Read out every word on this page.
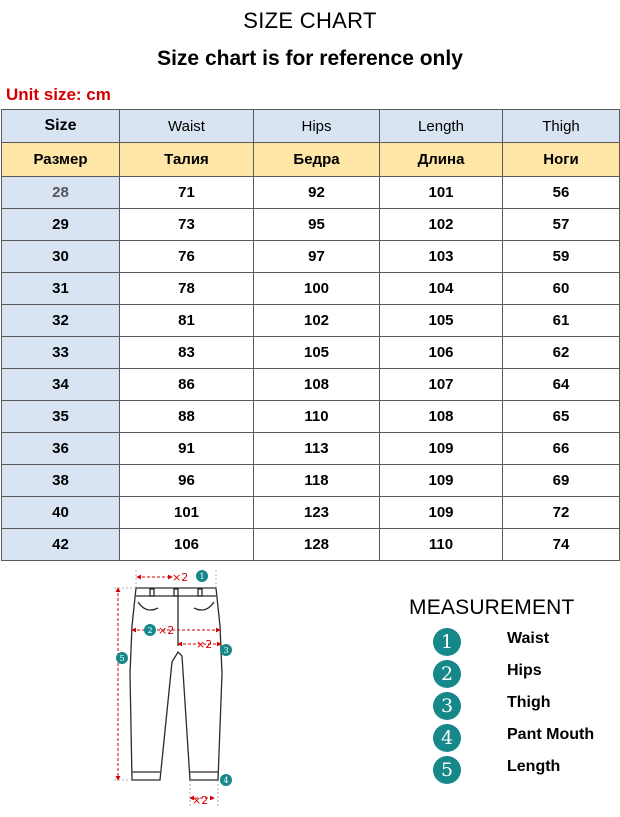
SIZE CHART
Size chart is for reference only
Unit size: cm
Size	Waist	Hips	Length	Thigh
Размер	Талия	Бедра	Длина	Ноги
28	71	92	101	56
29	73	95	102	57
30	76	97	103	59
31	78	100	104	60
32	81	102	105	61
33	83	105	106	62
34	86	108	107	64
35	88	110	108	65
36	91	113	109	66
38	96	118	109	69
40	101	123	109	72
42	106	128	110	74
×2
×2
×2
×2
1
2
3
4
5
MEASUREMENT
1	Waist
2	Hips
3	Thigh
4	Pant Mouth
5	Length
